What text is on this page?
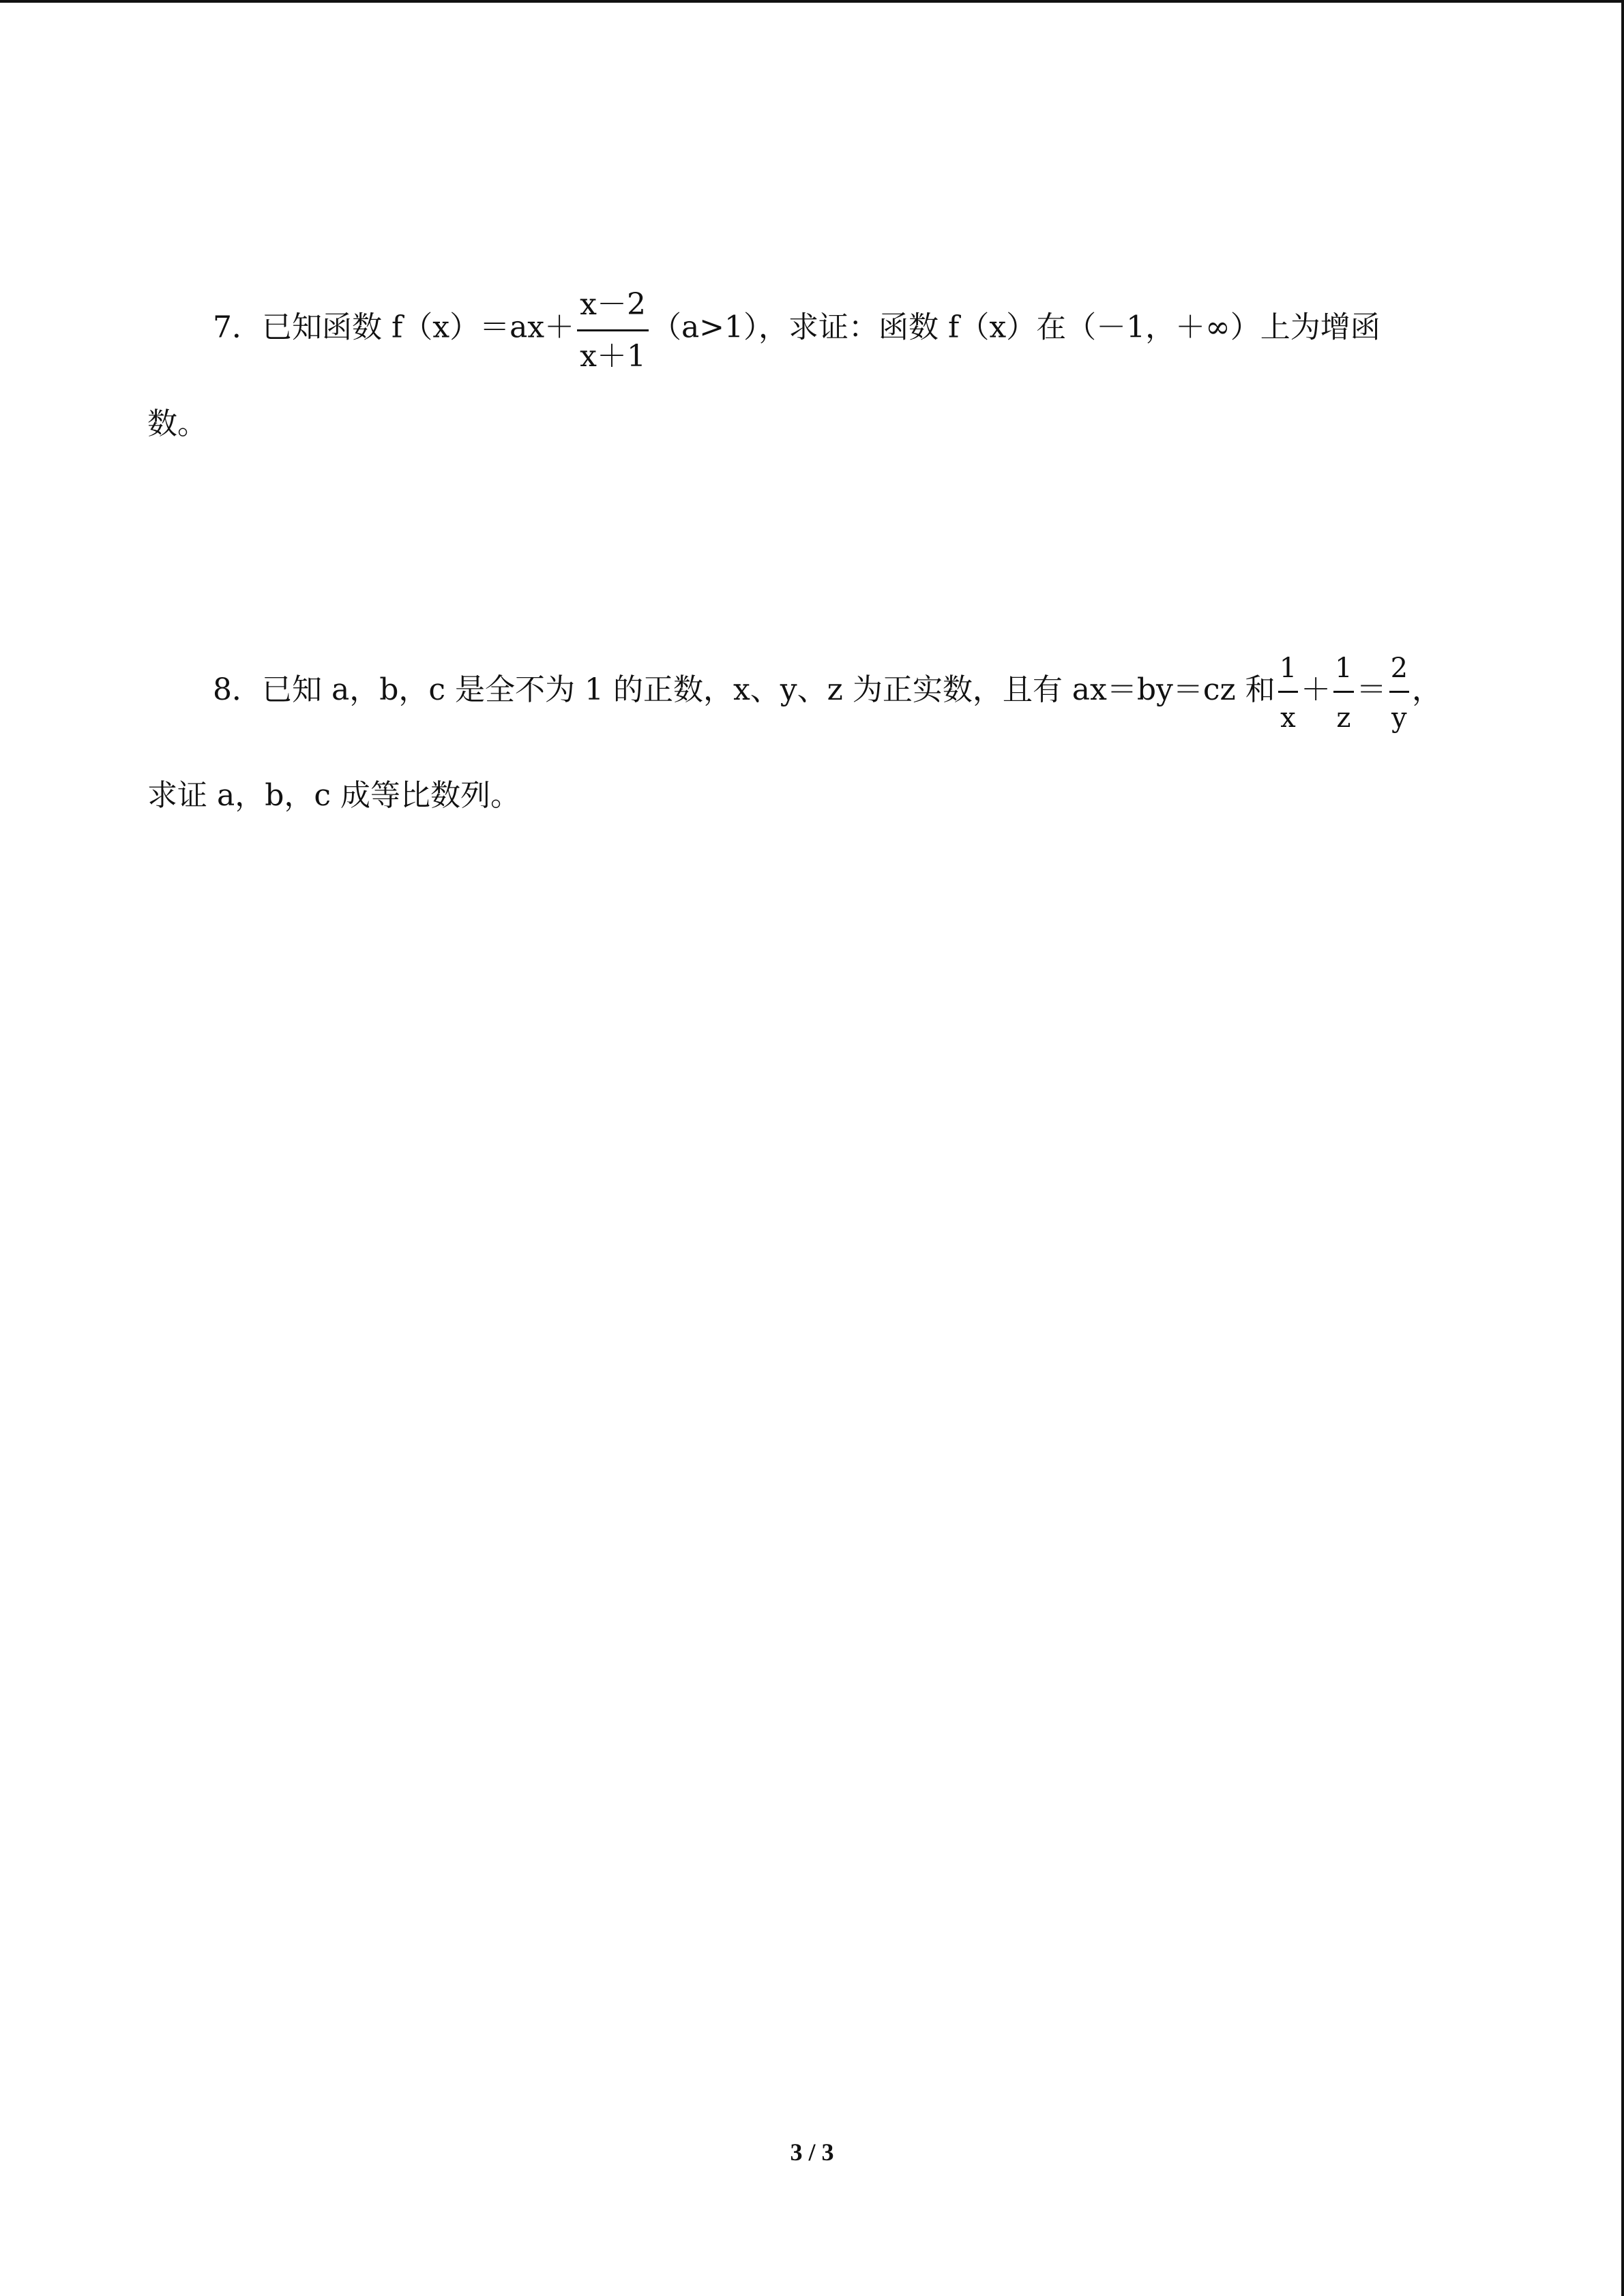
7．已知函数 $f(x)=ax+ \frac{x-2}{x+1} (a>1)$，求证：函数 f（x）在（－1，＋∞）上为增函
数。
8．已知 a，b，c 是全不为 1 的正数，x、y、z 为正实数，且有 ax＝by＝cz 和 $\frac{1}{x} + \frac{1}{z} = \frac{2}{y}$ ，
求证 a，b，c 成等比数列。
3 / 3
